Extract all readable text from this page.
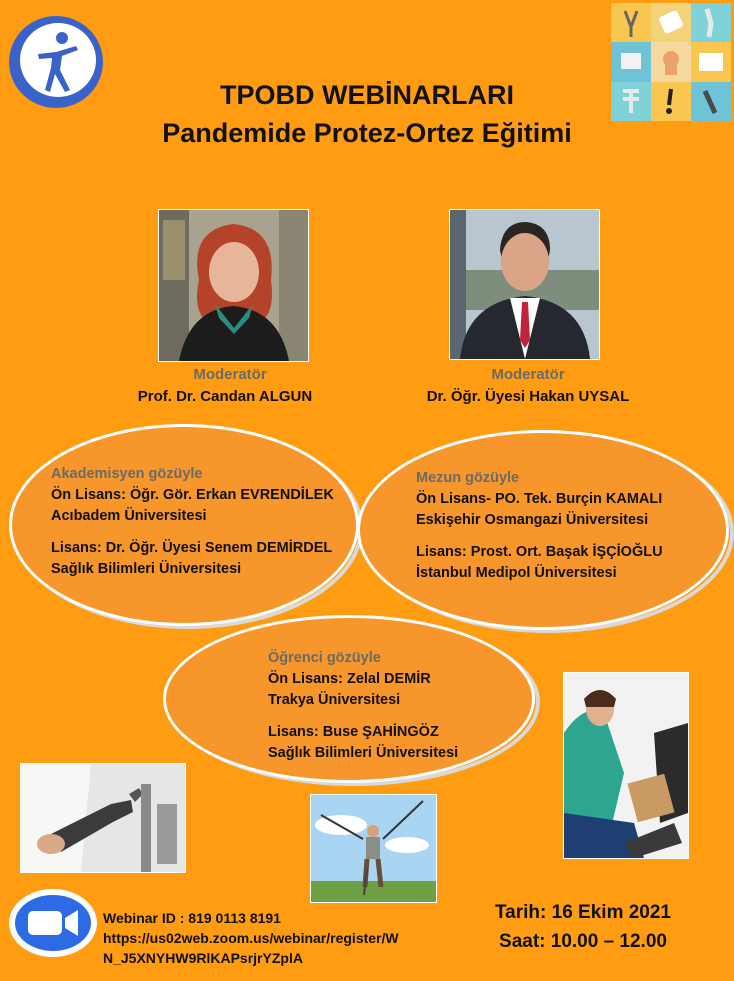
TPOBD WEBİNARLARI
Pandemide Protez-Ortez Eğitimi
Moderatör
Prof. Dr. Candan ALGUN
Moderatör
Dr. Öğr. Üyesi Hakan UYSAL
Akademisyen gözüyle
Ön Lisans: Öğr. Gör. Erkan EVRENDİLEK
Acıbadem Üniversitesi
Lisans: Dr. Öğr. Üyesi Senem DEMİRDEL
Sağlık Bilimleri Üniversitesi
Mezun gözüyle
Ön Lisans- PO. Tek. Burçin KAMALI
Eskişehir Osmangazi Üniversitesi
Lisans: Prost. Ort. Başak İŞÇİOĞLU
İstanbul Medipol Üniversitesi
Öğrenci gözüyle
Ön Lisans: Zelal DEMİR
Trakya Üniversitesi
Lisans: Buse ŞAHİNGÖZ
Sağlık Bilimleri Üniversitesi
Webinar ID : 819 0113 8191
https://us02web.zoom.us/webinar/register/W
N_J5XNYHW9RlKAPsrjrYZplA
Tarih: 16 Ekim 2021
Saat: 10.00 – 12.00
